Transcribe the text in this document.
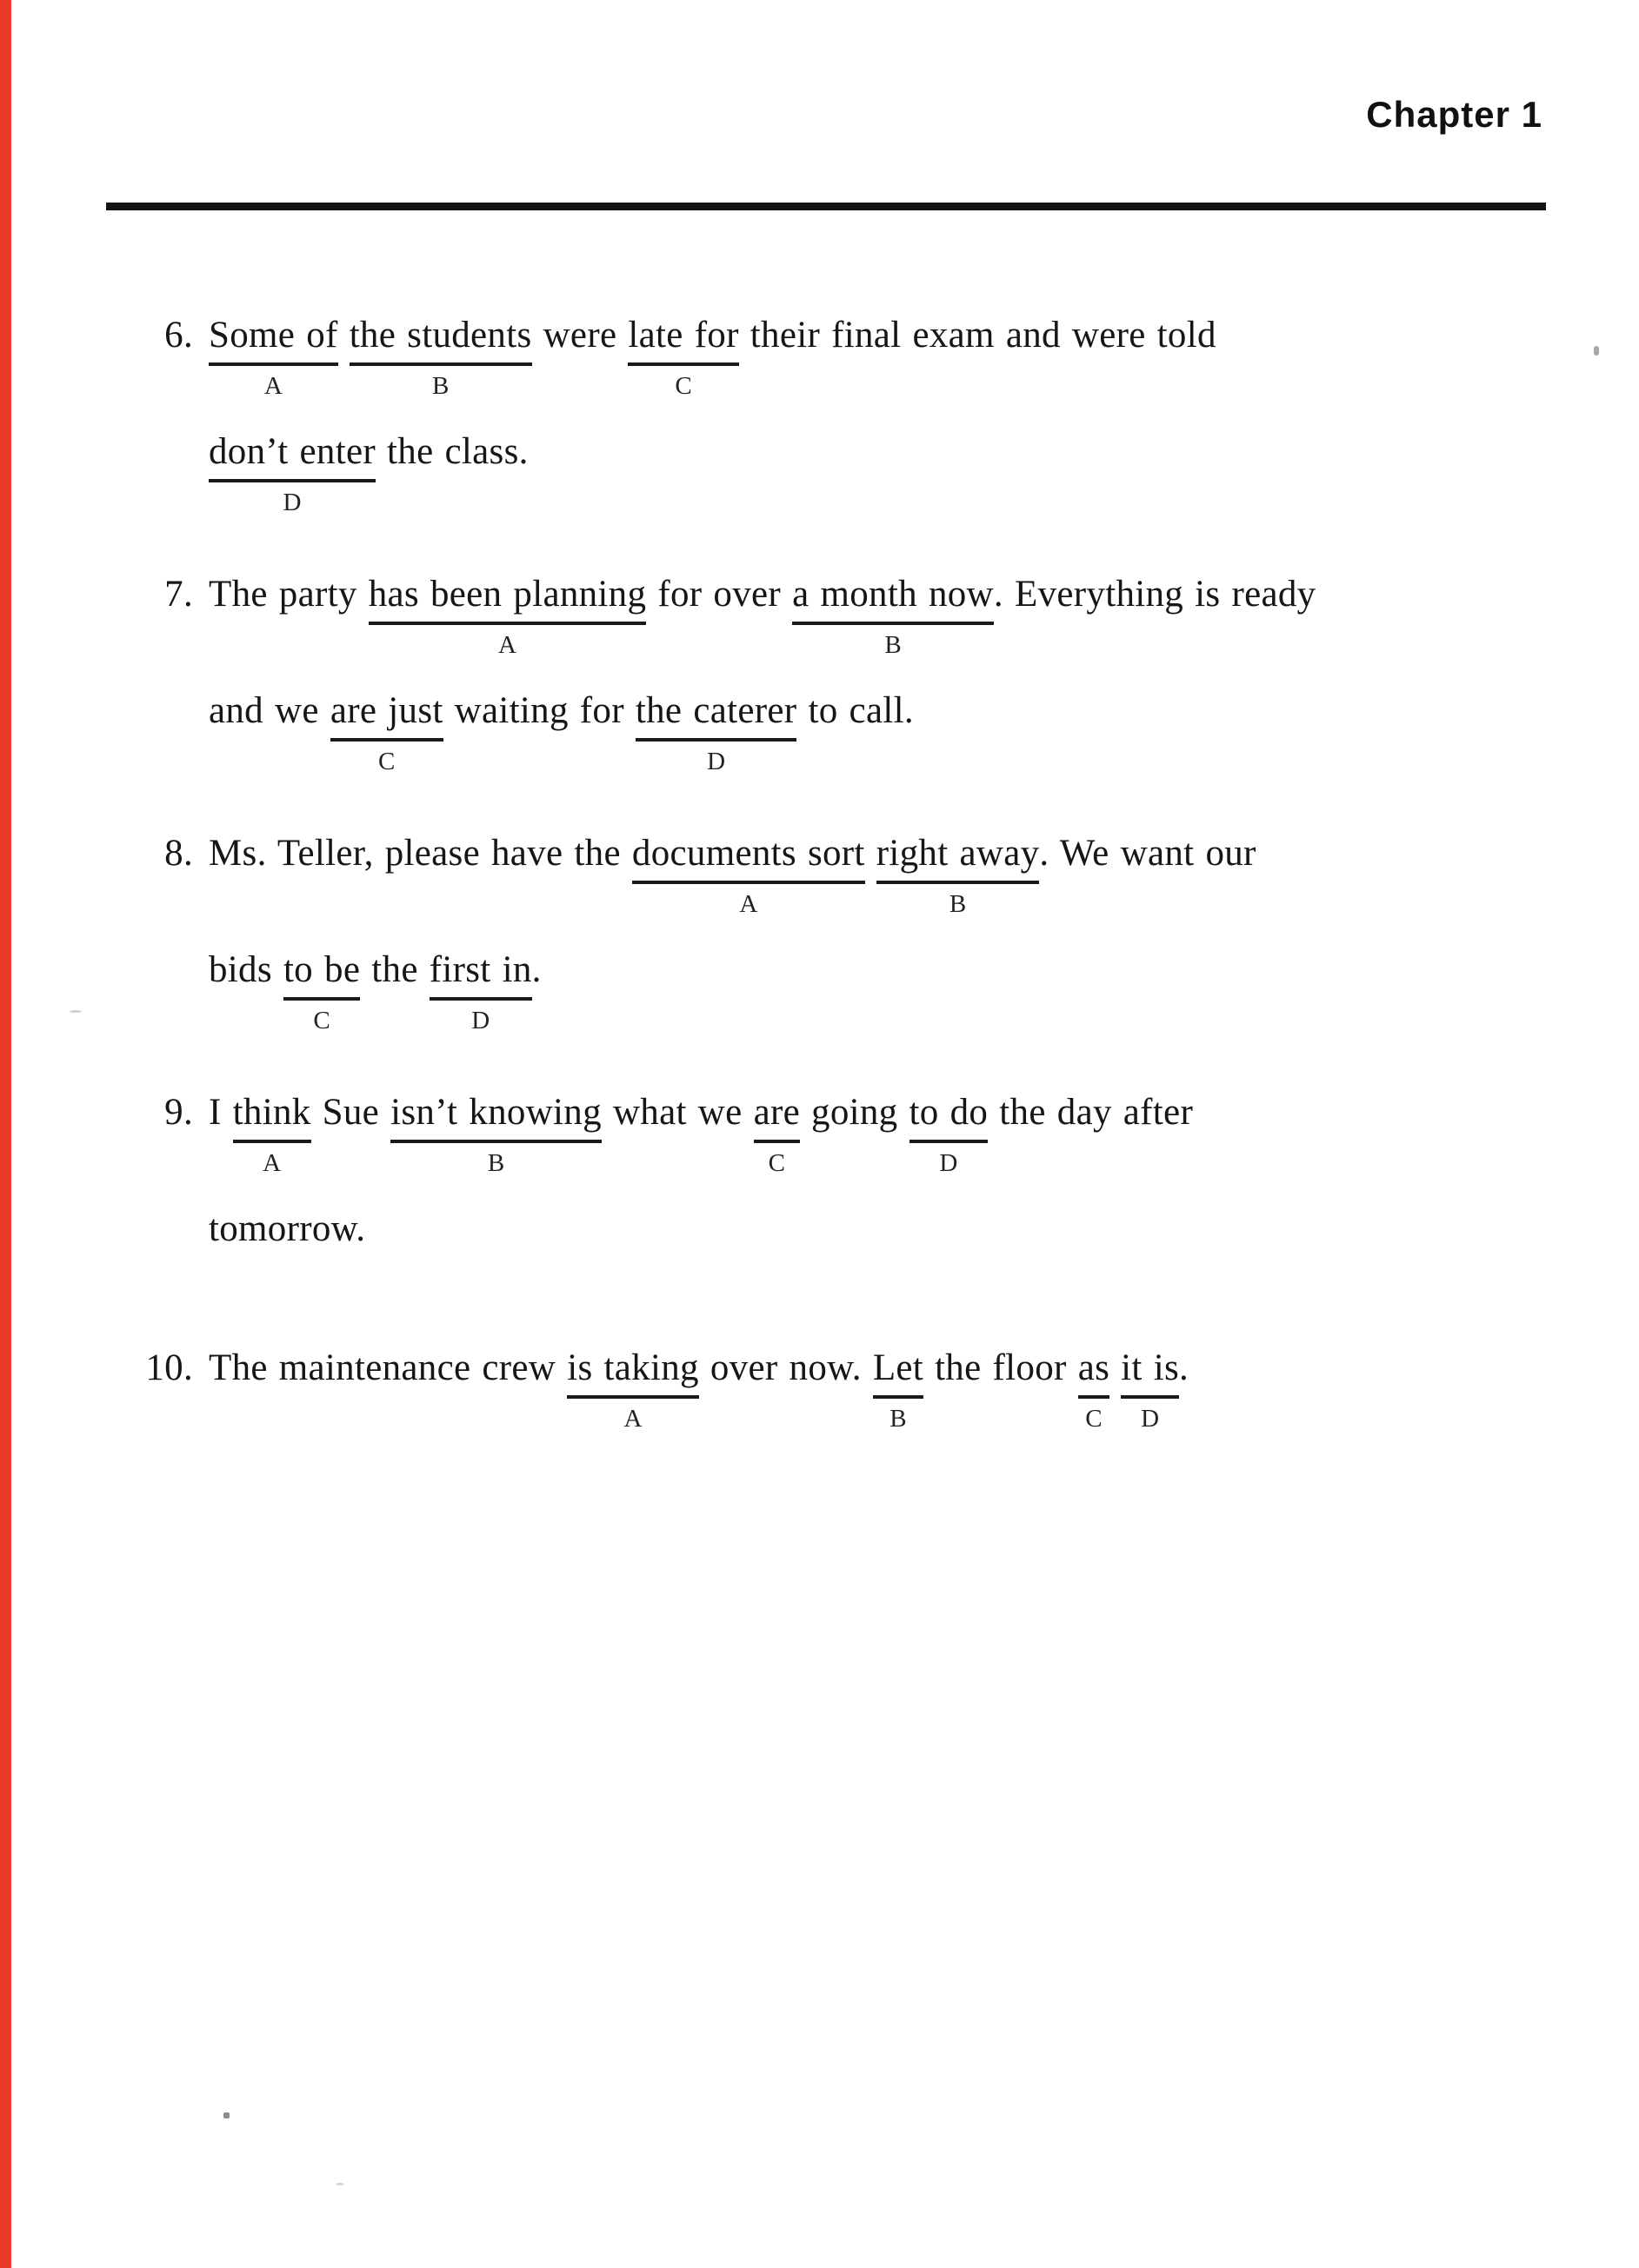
Chapter 1
6. Some of
A
the students
B
were late for
C
their final exam and were told
don’t enter
D
the class.
7. The party has been planning
A
for over a month now
B
. Everything is ready
and we are just
C
waiting for the caterer
D
to call.
8. Ms. Teller, please have the documents sort
A
right away
B
. We want our
bids to be
C
the first in
D
.
9. I think
A
Sue isn’t knowing
B
what we are
C
going to do
D
the day after
tomorrow.
10. The maintenance crew is taking
A
over now. Let
B
the floor as
C
it is
D
.
